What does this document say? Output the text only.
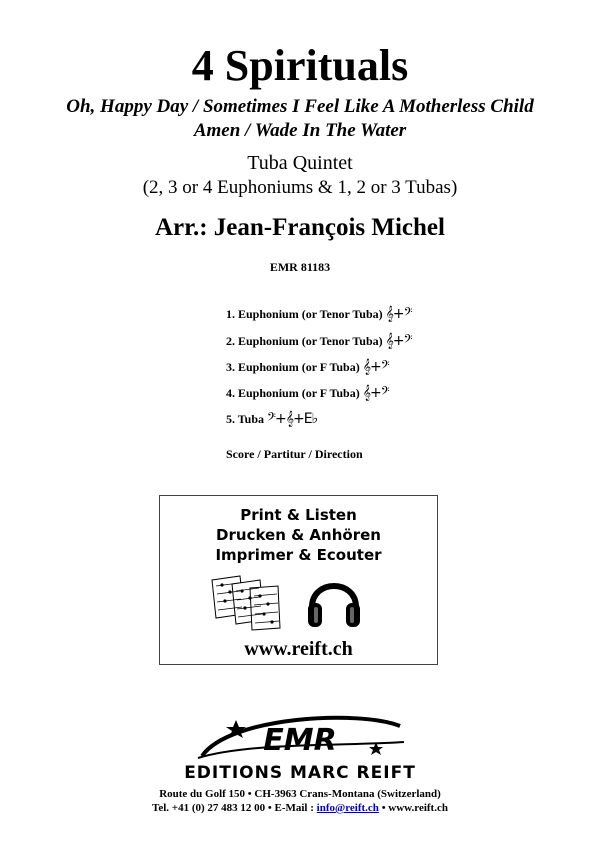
4 Spirituals
Oh, Happy Day / Sometimes I Feel Like A Motherless Child
Amen / Wade In The Water
Tuba Quintet
(2, 3 or 4 Euphoniums & 1, 2 or 3 Tubas)
Arr.: Jean-François Michel
EMR 81183
1. Euphonium (or Tenor Tuba) 𝄞+𝄢
2. Euphonium (or Tenor Tuba) 𝄞+𝄢
3. Euphonium (or F Tuba) 𝄞+𝄢
4. Euphonium (or F Tuba) 𝄞+𝄢
5. Tuba 𝄢+𝄞+E♭
Score / Partitur / Direction
Print & Listen
Drucken & Anhören
Imprimer & Ecouter
www.reift.ch
EMR
EDITIONS MARC REIFT
Route du Golf 150 • CH-3963 Crans-Montana (Switzerland)
Tel. +41 (0) 27 483 12 00 • E-Mail : info@reift.ch • www.reift.ch
